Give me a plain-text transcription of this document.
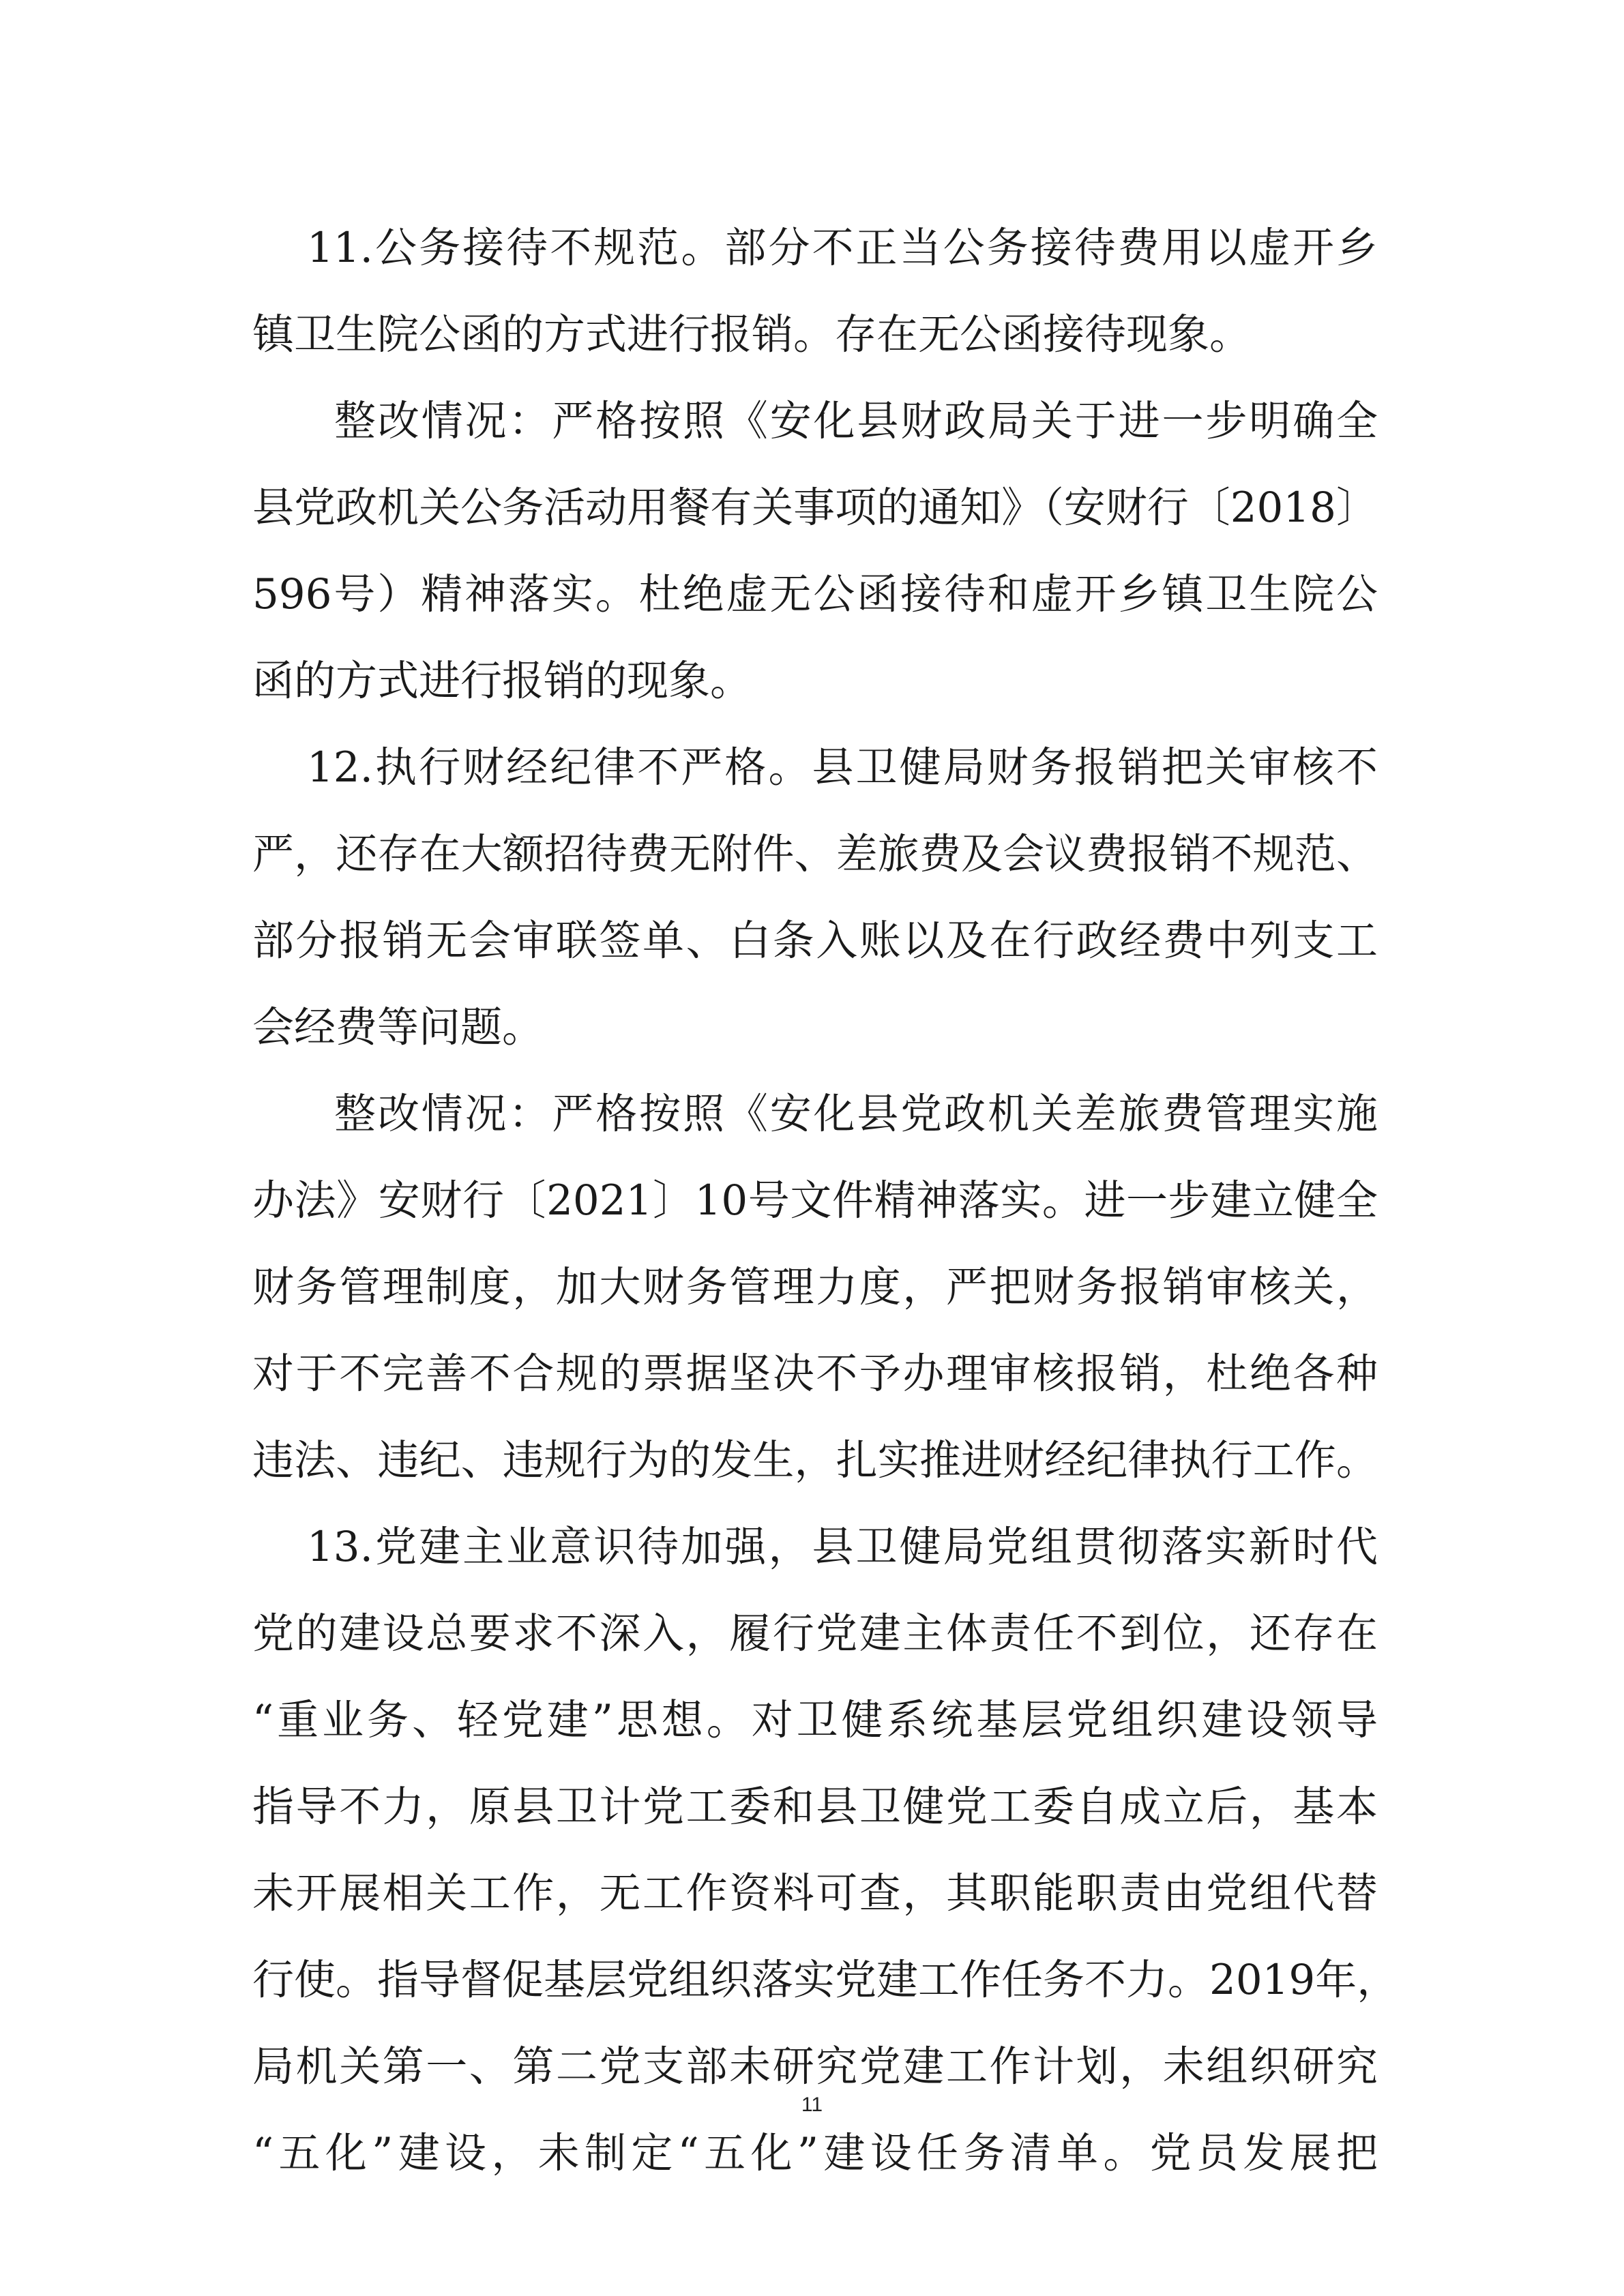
11.公务接待不规范。部分不正当公务接待费用以虚开乡
镇卫生院公函的方式进行报销。存在无公函接待现象。
整改情况：严格按照《安化县财政局关于进一步明确全
县党政机关公务活动用餐有关事项的通知》（安财行〔2018〕
596号）精神落实。杜绝虚无公函接待和虚开乡镇卫生院公
函的方式进行报销的现象。
12.执行财经纪律不严格。县卫健局财务报销把关审核不
严，还存在大额招待费无附件、差旅费及会议费报销不规范、
部分报销无会审联签单、白条入账以及在行政经费中列支工
会经费等问题。
整改情况：严格按照《安化县党政机关差旅费管理实施
办法》安财行〔2021〕10号文件精神落实。进一步建立健全
财务管理制度，加大财务管理力度，严把财务报销审核关，
对于不完善不合规的票据坚决不予办理审核报销，杜绝各种
违法、违纪、违规行为的发生，扎实推进财经纪律执行工作。
13.党建主业意识待加强，县卫健局党组贯彻落实新时代
党的建设总要求不深入，履行党建主体责任不到位，还存在
“重业务、轻党建”思想。对卫健系统基层党组织建设领导
指导不力，原县卫计党工委和县卫健党工委自成立后，基本
未开展相关工作，无工作资料可查，其职能职责由党组代替
行使。指导督促基层党组织落实党建工作任务不力。2019年，
局机关第一、第二党支部未研究党建工作计划，未组织研究
“五化”建设，未制定“五化”建设任务清单。党员发展把
11
